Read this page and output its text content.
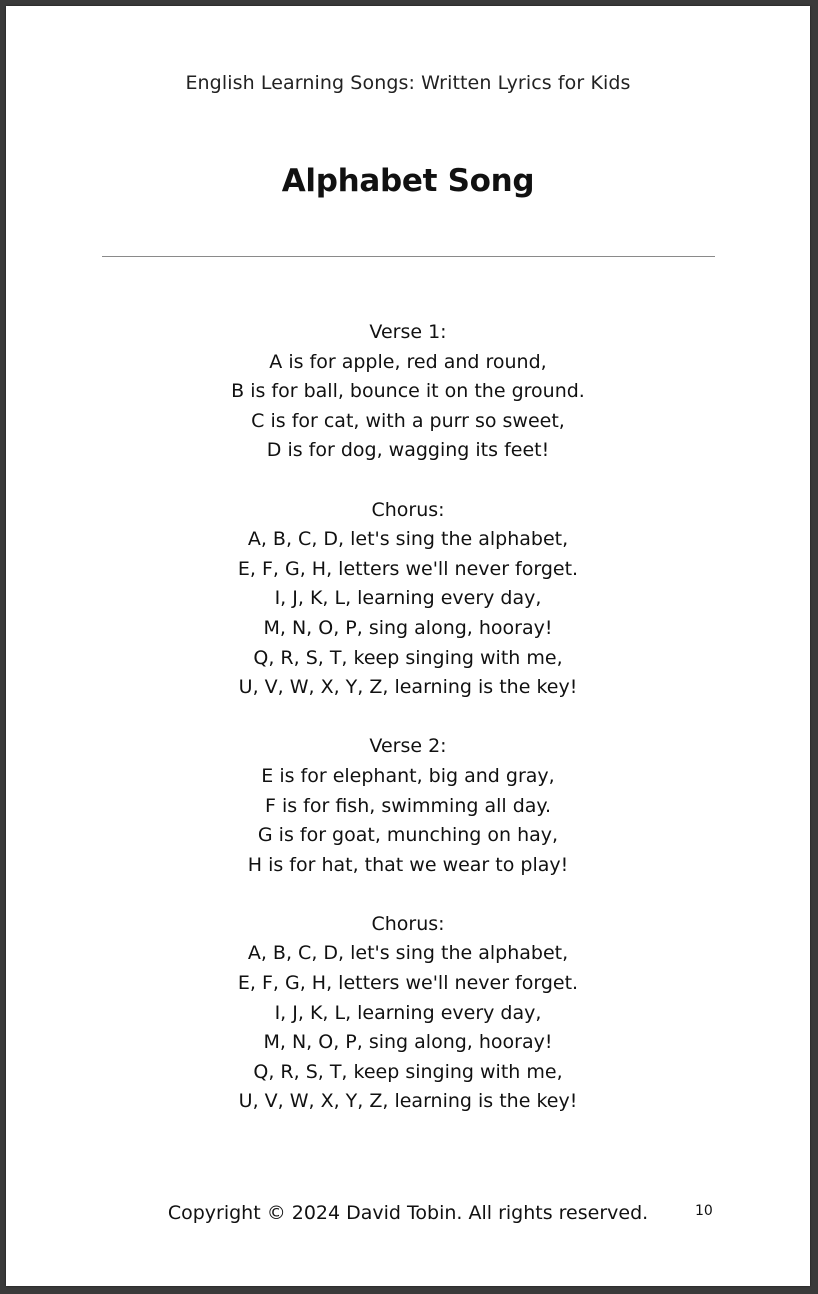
English Learning Songs: Written Lyrics for Kids
Alphabet Song
Verse 1:
A is for apple, red and round,
B is for ball, bounce it on the ground.
C is for cat, with a purr so sweet,
D is for dog, wagging its feet!
Chorus:
A, B, C, D, let's sing the alphabet,
E, F, G, H, letters we'll never forget.
I, J, K, L, learning every day,
M, N, O, P, sing along, hooray!
Q, R, S, T, keep singing with me,
U, V, W, X, Y, Z, learning is the key!
Verse 2:
E is for elephant, big and gray,
F is for fish, swimming all day.
G is for goat, munching on hay,
H is for hat, that we wear to play!
Chorus:
A, B, C, D, let's sing the alphabet,
E, F, G, H, letters we'll never forget.
I, J, K, L, learning every day,
M, N, O, P, sing along, hooray!
Q, R, S, T, keep singing with me,
U, V, W, X, Y, Z, learning is the key!
Copyright © 2024 David Tobin. All rights reserved.	10
